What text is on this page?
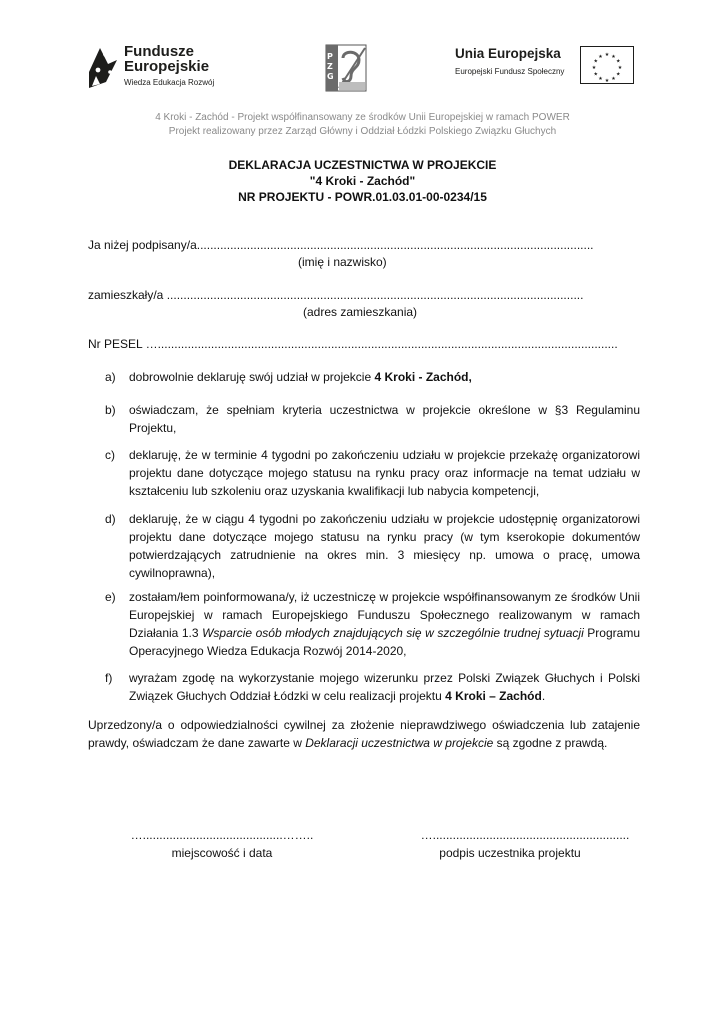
Fundusze
Europejskie
Wiedza Edukacja Rozwój
PZG
Unia Europejska
Europejski Fundusz Społeczny
★ ★
★
★
★
★
★
★
★
★
★
★
4 Kroki - Zachód - Projekt współfinansowany ze środków Unii Europejskiej w ramach POWER
Projekt realizowany przez Zarząd Główny i Oddział Łódzki Polskiego Związku Głuchych
DEKLARACJA UCZESTNICTWA W PROJEKCIE
"4 Kroki - Zachód"
NR PROJEKTU - POWR.01.03.01-00-0234/15
Ja niżej podpisany/a.......................................................................................................................
(imię i nazwisko)
zamieszkały/a .............................................................................................................................
(adres zamieszkania)
Nr PESEL …..........................................................................................................................................
a) dobrowolnie deklaruję swój udział w projekcie 4 Kroki - Zachód,
b) oświadczam, że spełniam kryteria uczestnictwa w projekcie określone w §3 Regulaminu Projektu,
c) deklaruję, że w terminie 4 tygodni po zakończeniu udziału w projekcie przekażę organizatorowi projektu dane dotyczące mojego statusu na rynku pracy oraz informacje na temat udziału w kształceniu lub szkoleniu oraz uzyskania kwalifikacji lub nabycia kompetencji,
d) deklaruję, że w ciągu 4 tygodni po zakończeniu udziału w projekcie udostępnię organizatorowi projektu dane dotyczące mojego statusu na rynku pracy (w tym kserokopie dokumentów potwierdzających zatrudnienie na okres min. 3 miesięcy np. umowa o pracę, umowa cywilnoprawna),
e) zostałam/łem poinformowana/y, iż uczestniczę w projekcie współfinansowanym ze środków Unii Europejskiej w ramach Europejskiego Funduszu Społecznego realizowanym w ramach Działania 1.3 Wsparcie osób młodych znajdujących się w szczególnie trudnej sytuacji Programu Operacyjnego Wiedza Edukacja Rozwój 2014-2020,
f) wyrażam zgodę na wykorzystanie mojego wizerunku przez Polski Związek Głuchych i Polski Związek Głuchych Oddział Łódzki w celu realizacji projektu 4 Kroki – Zachód.
Uprzedzony/a o odpowiedzialności cywilnej za złożenie nieprawdziwego oświadczenia lub zatajenie prawdy, oświadczam że dane zawarte w Deklaracji uczestnictwa w projekcie są zgodne z prawdą.
…..........................................……..
miejscowość i data
…...........................................................
podpis uczestnika projektu
